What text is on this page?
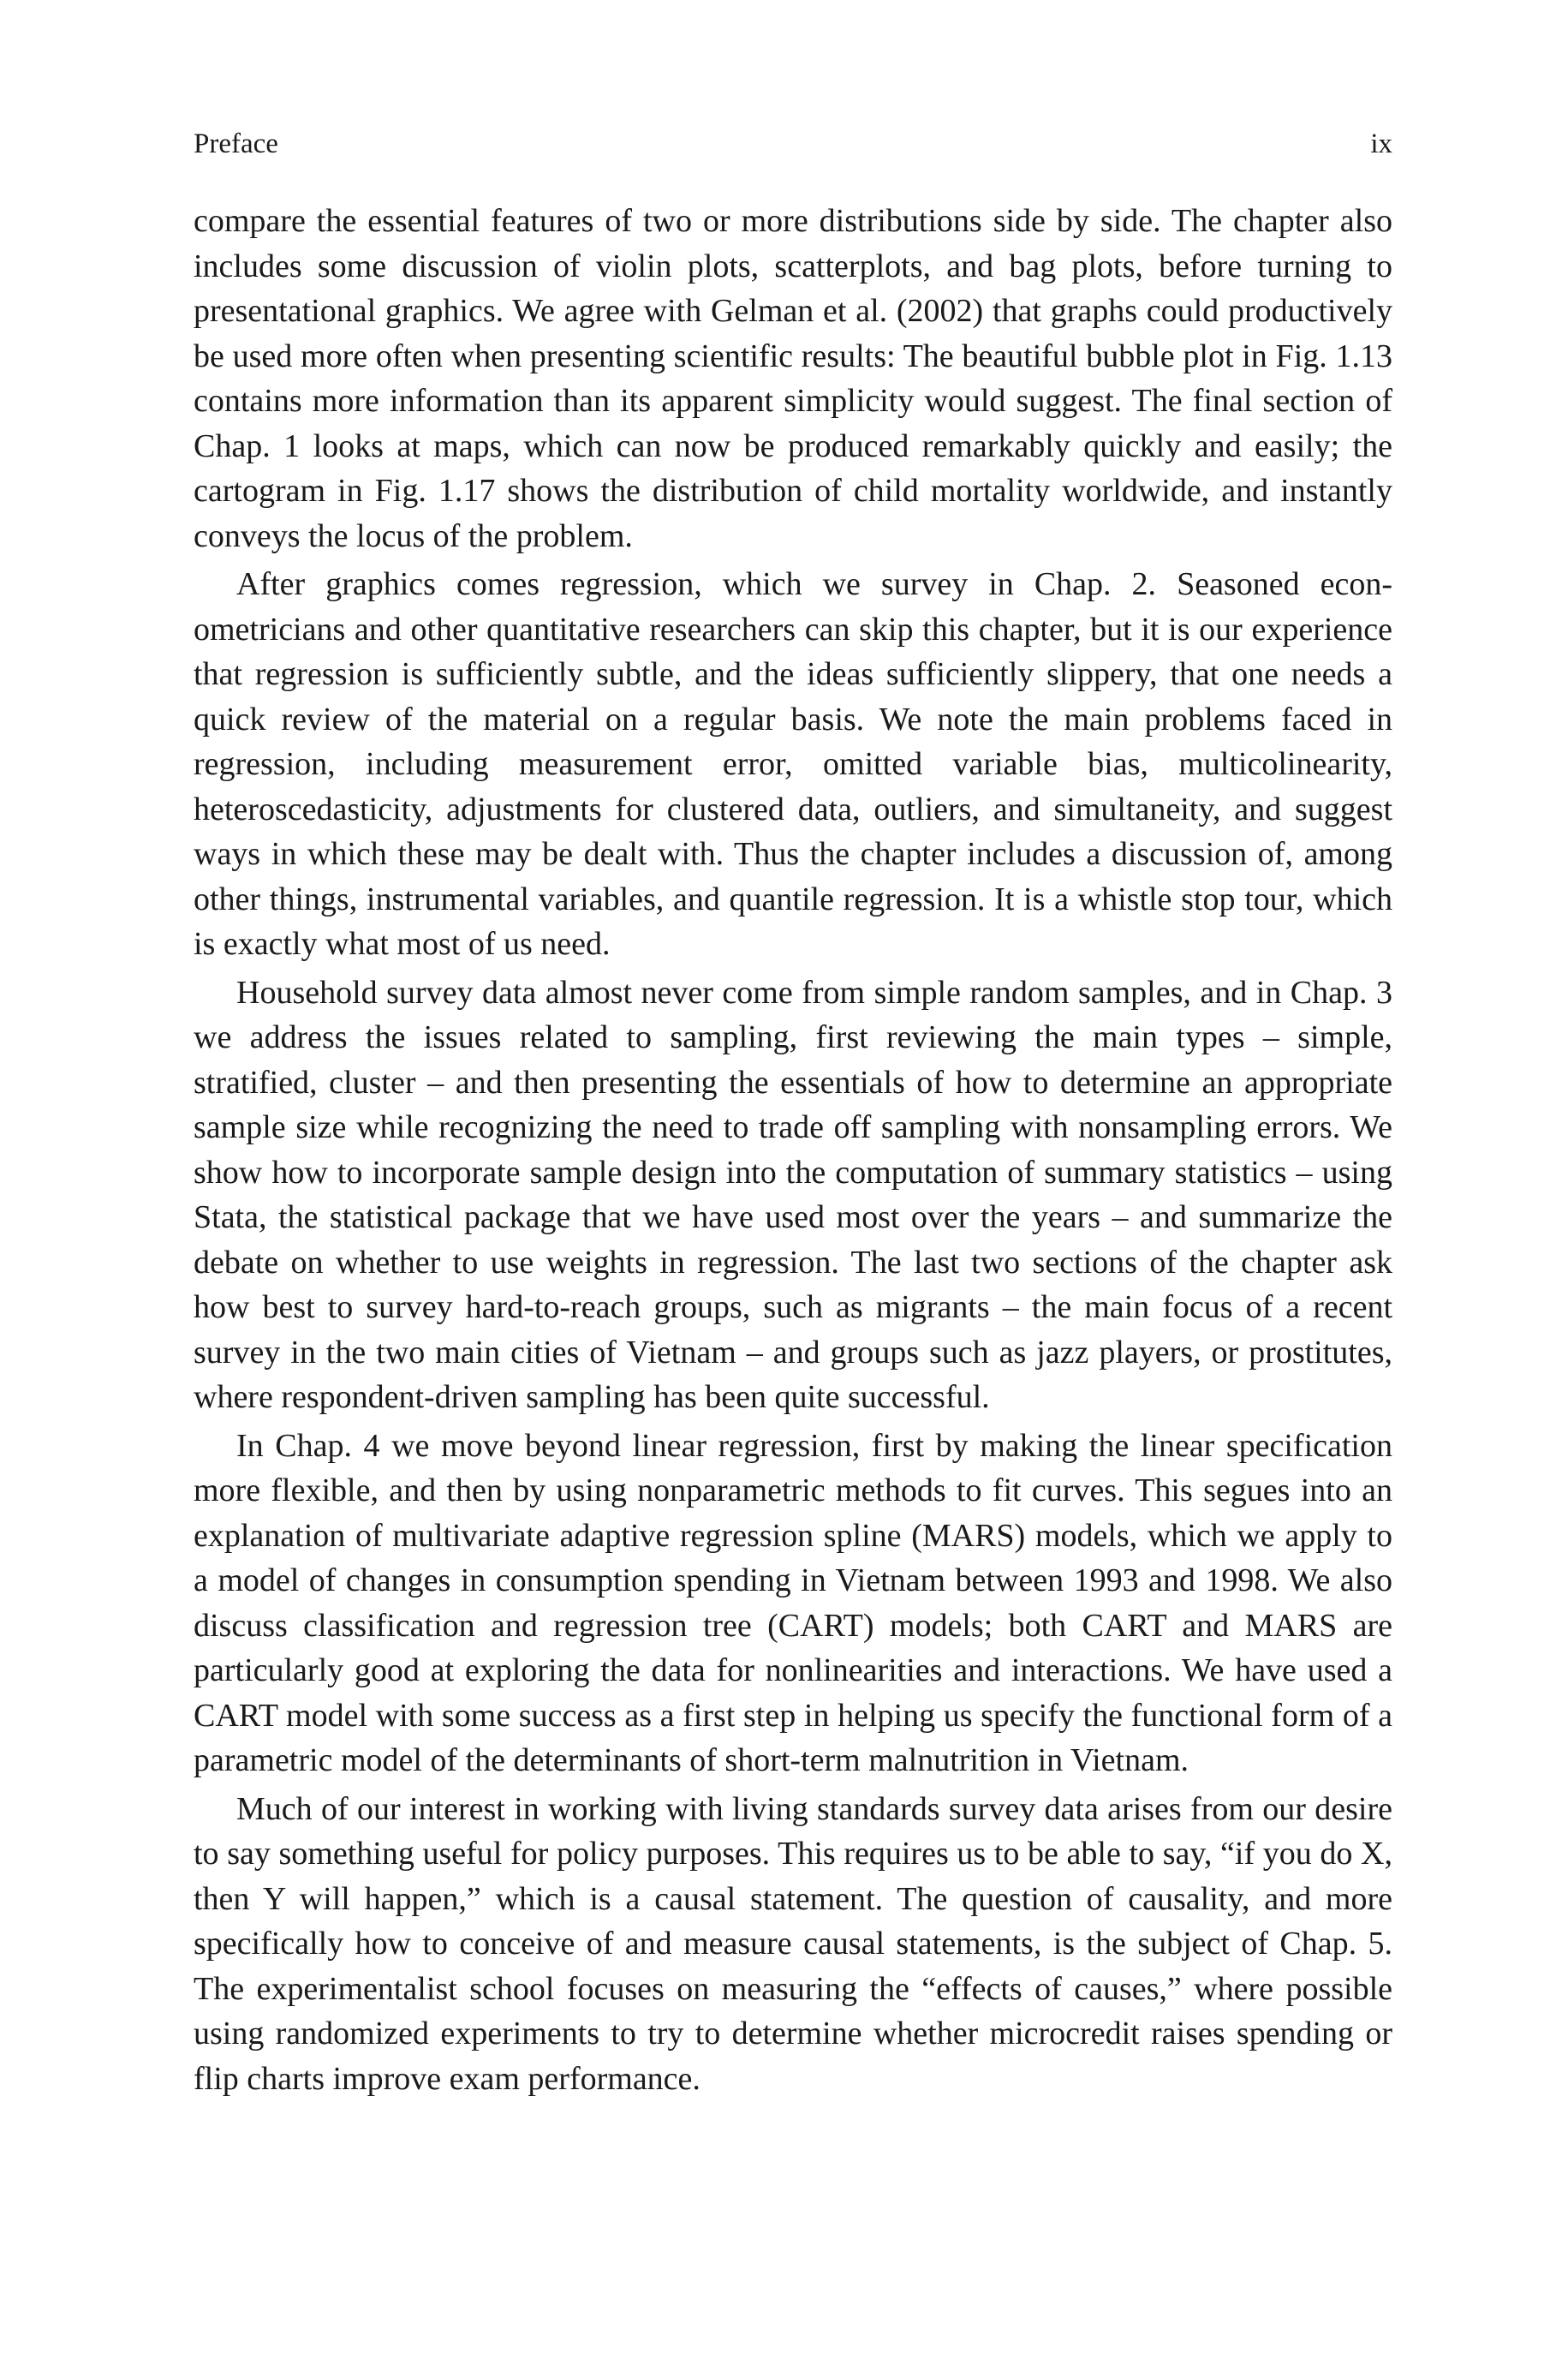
Preface	ix

compare the essential features of two or more distributions side by side. The chapter also includes some discussion of violin plots, scatterplots, and bag plots, before turning to presentational graphics. We agree with Gelman et al. (2002) that graphs could productively be used more often when presenting scientific results: The beautiful bubble plot in Fig. 1.13 contains more information than its apparent simplicity would suggest. The final section of Chap. 1 looks at maps, which can now be produced remarkably quickly and easily; the cartogram in Fig. 1.17 shows the distribution of child mortality worldwide, and instantly conveys the locus of the problem.

After graphics comes regression, which we survey in Chap. 2. Seasoned econometricians and other quantitative researchers can skip this chapter, but it is our experience that regression is sufficiently subtle, and the ideas sufficiently slippery, that one needs a quick review of the material on a regular basis. We note the main problems faced in regression, including measurement error, omitted variable bias, multicolinearity, heteroscedasticity, adjustments for clustered data, outliers, and simultaneity, and suggest ways in which these may be dealt with. Thus the chapter includes a discussion of, among other things, instrumental variables, and quantile regression. It is a whistle stop tour, which is exactly what most of us need.

Household survey data almost never come from simple random samples, and in Chap. 3 we address the issues related to sampling, first reviewing the main types – simple, stratified, cluster – and then presenting the essentials of how to determine an appropriate sample size while recognizing the need to trade off sampling with nonsampling errors. We show how to incorporate sample design into the computation of summary statistics – using Stata, the statistical package that we have used most over the years – and summarize the debate on whether to use weights in regression. The last two sections of the chapter ask how best to survey hard-to-reach groups, such as migrants – the main focus of a recent survey in the two main cities of Vietnam – and groups such as jazz players, or prostitutes, where respondent-driven sampling has been quite successful.

In Chap. 4 we move beyond linear regression, first by making the linear specification more flexible, and then by using nonparametric methods to fit curves. This segues into an explanation of multivariate adaptive regression spline (MARS) models, which we apply to a model of changes in consumption spending in Vietnam between 1993 and 1998. We also discuss classification and regression tree (CART) models; both CART and MARS are particularly good at exploring the data for nonlinearities and interactions. We have used a CART model with some success as a first step in helping us specify the functional form of a parametric model of the determinants of short-term malnutrition in Vietnam.

Much of our interest in working with living standards survey data arises from our desire to say something useful for policy purposes. This requires us to be able to say, “if you do X, then Y will happen,” which is a causal statement. The question of causality, and more specifically how to conceive of and measure causal statements, is the subject of Chap. 5. The experimentalist school focuses on measuring the “effects of causes,” where possible using randomized experiments to try to determine whether microcredit raises spending or flip charts improve exam performance.
